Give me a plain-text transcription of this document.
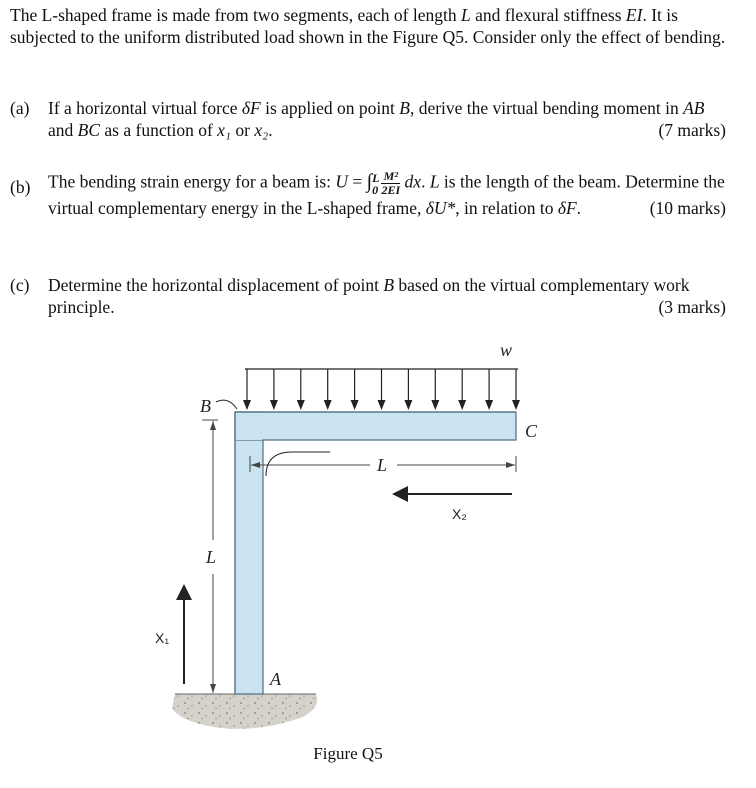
The L-shaped frame is made from two segments, each of length L and flexural stiffness EI. It is subjected to the uniform distributed load shown in the Figure Q5. Consider only the effect of bending.
(a) If a horizontal virtual force δF is applied on point B, derive the virtual bending moment in AB and BC as a function of x₁ or x₂.	(7 marks)
(b) The bending strain energy for a beam is: U = ∫ L
$0 \frac{\text{M²}}{2EI}$ dx. L is the length of the beam. Determine the virtual complementary energy in the L-shaped frame, δU*, in relation to δF.	(10 marks)
(c) Determine the horizontal displacement of point B based on the virtual complementary work principle.	(3 marks)
B
C
w
A
L
L
X₂
X₁
Figure Q5
